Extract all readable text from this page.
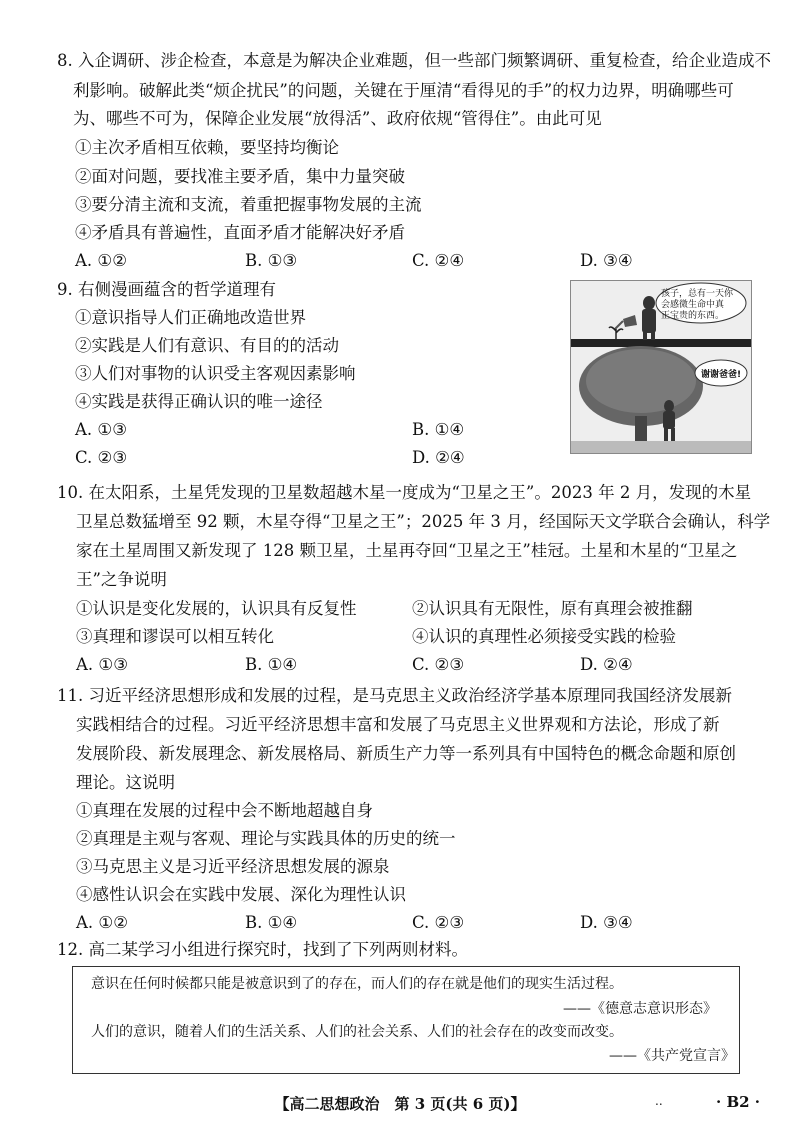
8. 入企调研、涉企检查，本意是为解决企业难题，但一些部门频繁调研、重复检查，给企业造成不
利影响。破解此类“烦企扰民”的问题，关键在于厘清“看得见的手”的权力边界，明确哪些可
为、哪些不可为，保障企业发展“放得活”、政府依规“管得住”。由此可见
①主次矛盾相互依赖，要坚持均衡论
②面对问题，要找准主要矛盾，集中力量突破
③要分清主流和支流，着重把握事物发展的主流
④矛盾具有普遍性，直面矛盾才能解决好矛盾
A. ①②	B. ①③	C. ②④	D. ③④
9. 右侧漫画蕴含的哲学道理有
①意识指导人们正确地改造世界
②实践是人们有意识、有目的的活动
③人们对事物的认识受主客观因素影响
④实践是获得正确认识的唯一途径
A. ①③	B. ①④
C. ②③	D. ②④
孩子，总有一天你
会感微生命中真
正宝贵的东西。
谢谢爸爸!
10. 在太阳系，土星凭发现的卫星数超越木星一度成为“卫星之王”。2023 年 2 月，发现的木星
卫星总数猛增至 92 颗，木星夺得“卫星之王”；2025 年 3 月，经国际天文学联合会确认，科学
家在土星周围又新发现了 128 颗卫星，土星再夺回“卫星之王”桂冠。土星和木星的“卫星之
王”之争说明
①认识是变化发展的，认识具有反复性	②认识具有无限性，原有真理会被推翻
③真理和谬误可以相互转化	④认识的真理性必须接受实践的检验
A. ①③	B. ①④	C. ②③	D. ②④
11. 习近平经济思想形成和发展的过程，是马克思主义政治经济学基本原理同我国经济发展新
实践相结合的过程。习近平经济思想丰富和发展了马克思主义世界观和方法论，形成了新
发展阶段、新发展理念、新发展格局、新质生产力等一系列具有中国特色的概念命题和原创
理论。这说明
①真理在发展的过程中会不断地超越自身
②真理是主观与客观、理论与实践具体的历史的统一
③马克思主义是习近平经济思想发展的源泉
④感性认识会在实践中发展、深化为理性认识
A. ①②	B. ①④	C. ②③	D. ③④
12. 高二某学习小组进行探究时，找到了下列两则材料。
意识在任何时候都只能是被意识到了的存在，而人们的存在就是他们的现实生活过程。
——《德意志意识形态》
人们的意识，随着人们的生活关系、人们的社会关系、人们的社会存在的改变而改变。
——《共产党宣言》
【高二思想政治　第 3 页(共 6 页)】	..	· B2 ·
